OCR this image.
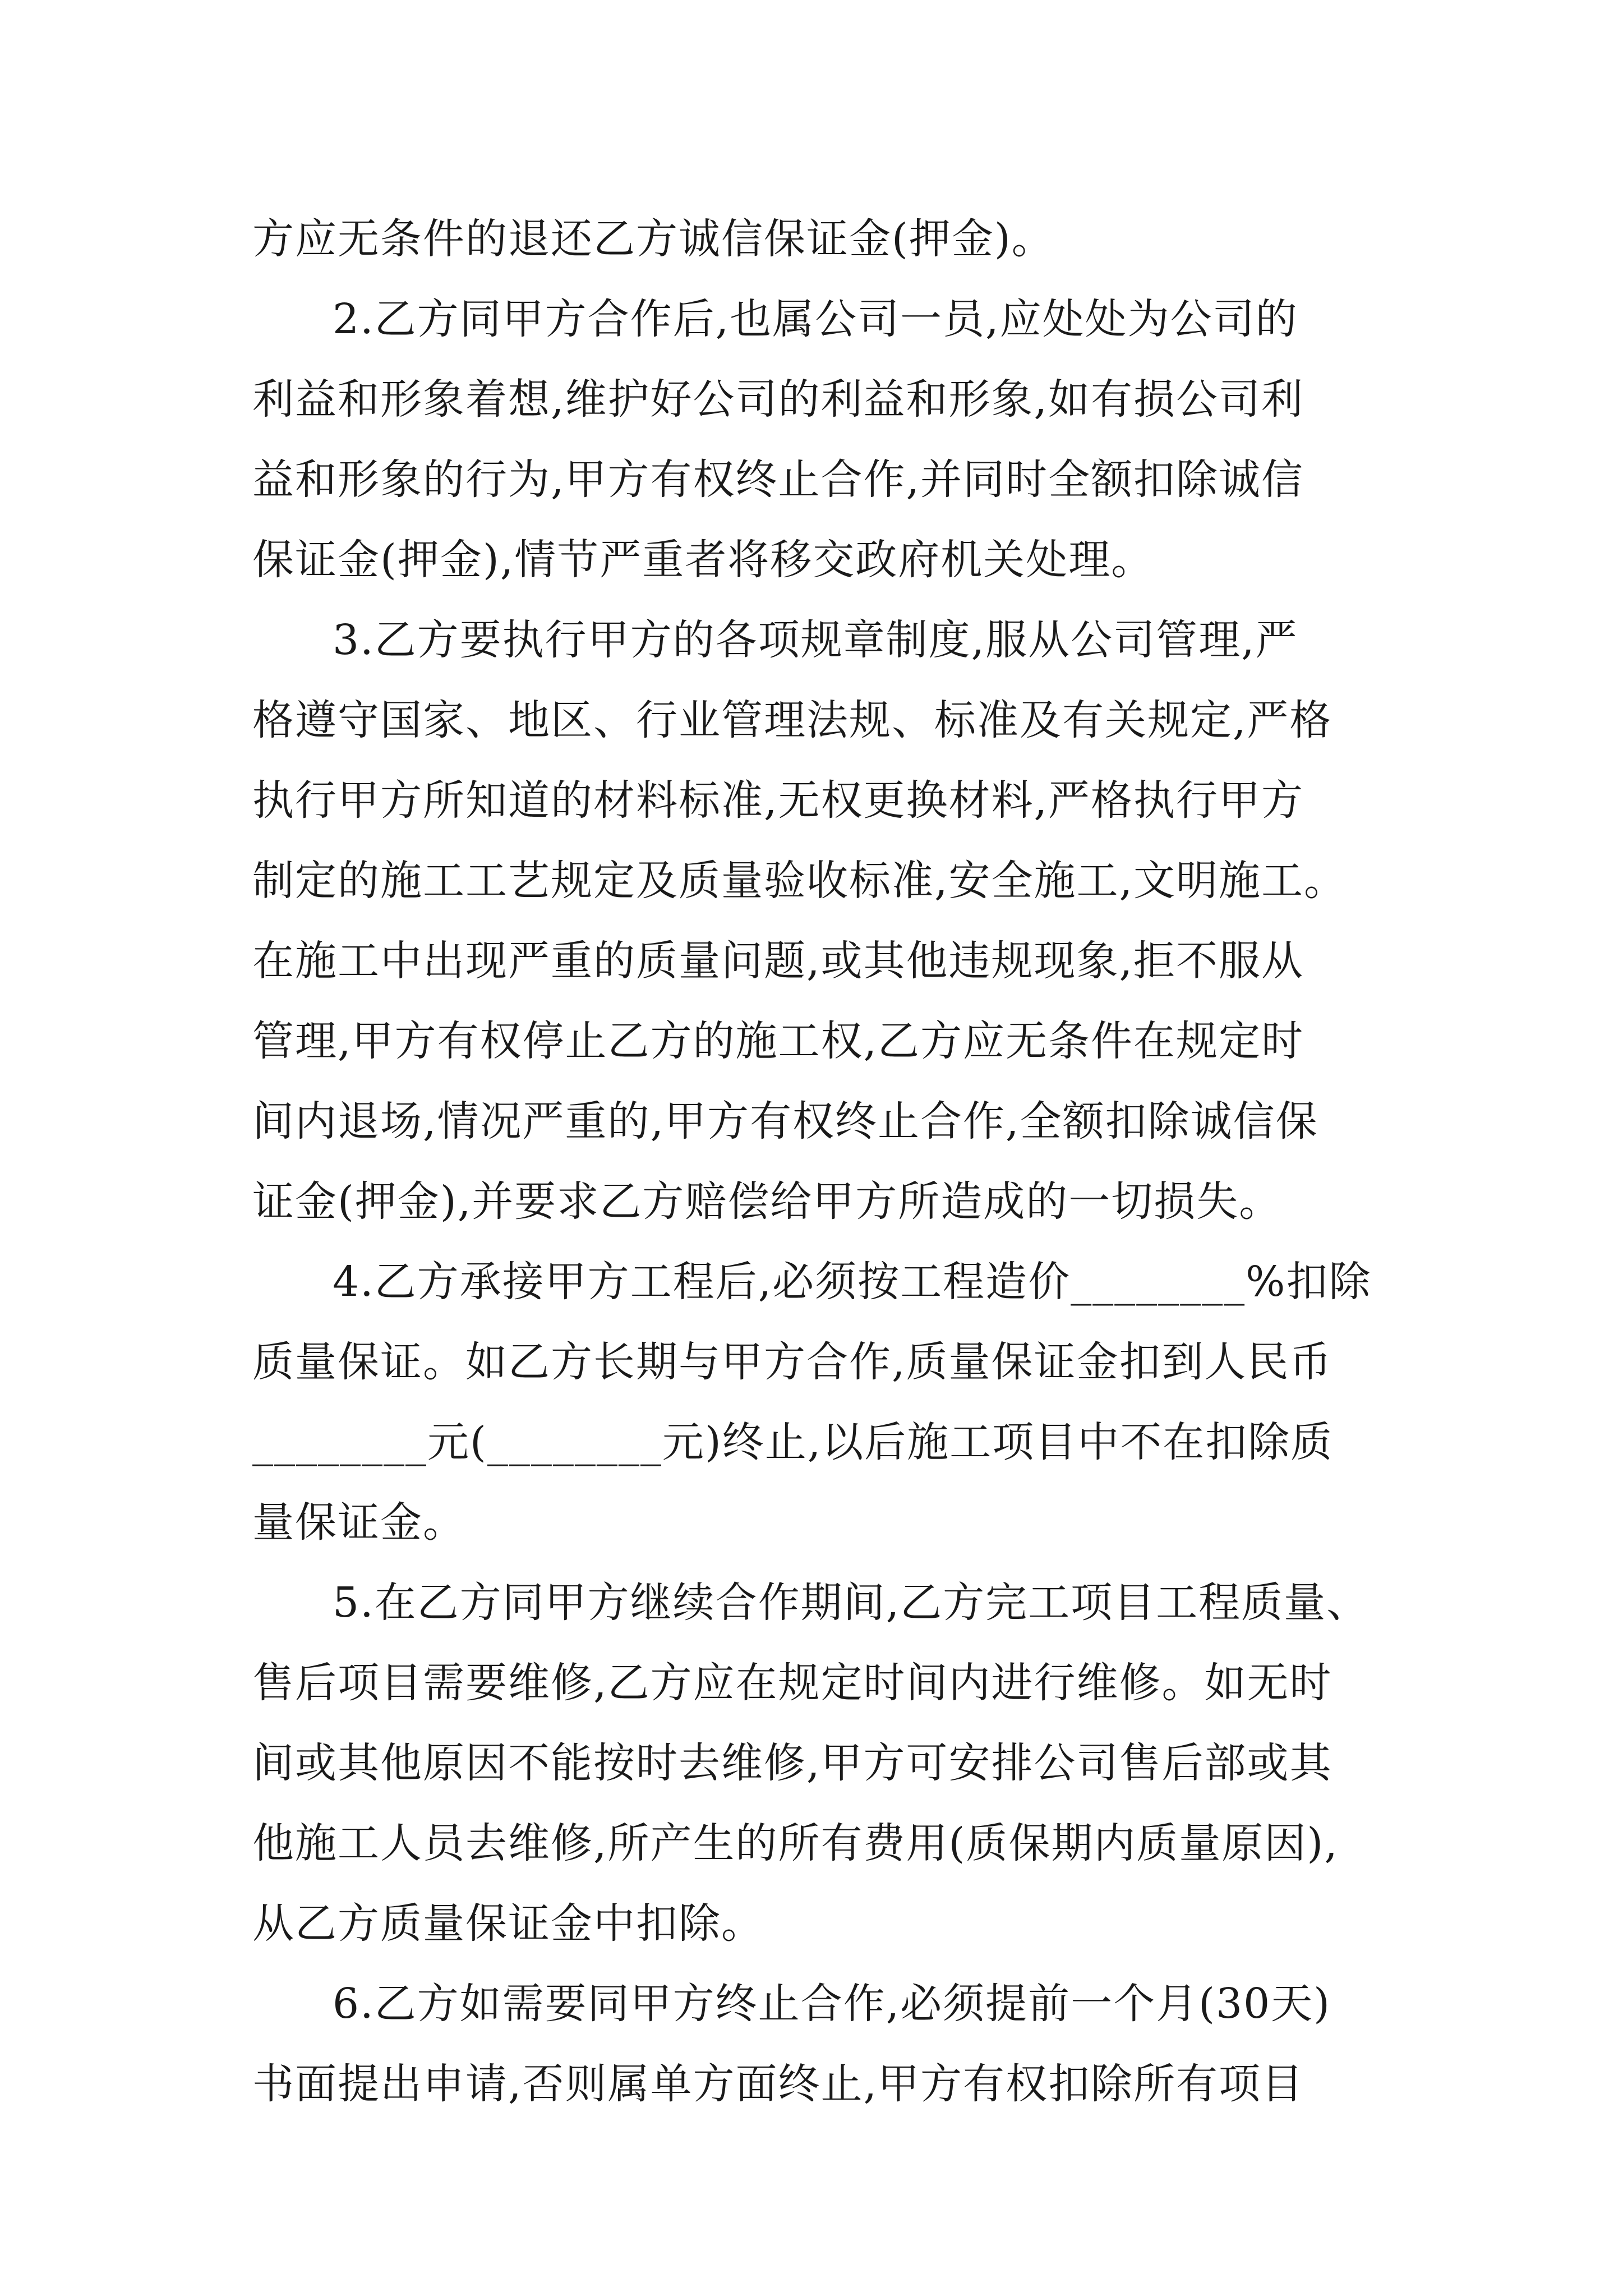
方应无条件的退还乙方诚信保证金(押金)。
2.乙方同甲方合作后,也属公司一员,应处处为公司的
利益和形象着想,维护好公司的利益和形象,如有损公司利
益和形象的行为,甲方有权终止合作,并同时全额扣除诚信
保证金(押金),情节严重者将移交政府机关处理。
3.乙方要执行甲方的各项规章制度,服从公司管理,严
格遵守国家、地区、行业管理法规、标准及有关规定,严格
执行甲方所知道的材料标准,无权更换材料,严格执行甲方
制定的施工工艺规定及质量验收标准,安全施工,文明施工。
在施工中出现严重的质量问题,或其他违规现象,拒不服从
管理,甲方有权停止乙方的施工权,乙方应无条件在规定时
间内退场,情况严重的,甲方有权终止合作,全额扣除诚信保
证金(押金),并要求乙方赔偿给甲方所造成的一切损失。
4.乙方承接甲方工程后,必须按工程造价________%扣除
质量保证。如乙方长期与甲方合作,质量保证金扣到人民币
________元(________元)终止,以后施工项目中不在扣除质
量保证金。
5.在乙方同甲方继续合作期间,乙方完工项目工程质量、
售后项目需要维修,乙方应在规定时间内进行维修。如无时
间或其他原因不能按时去维修,甲方可安排公司售后部或其
他施工人员去维修,所产生的所有费用(质保期内质量原因),
从乙方质量保证金中扣除。
6.乙方如需要同甲方终止合作,必须提前一个月(30天)
书面提出申请,否则属单方面终止,甲方有权扣除所有项目
